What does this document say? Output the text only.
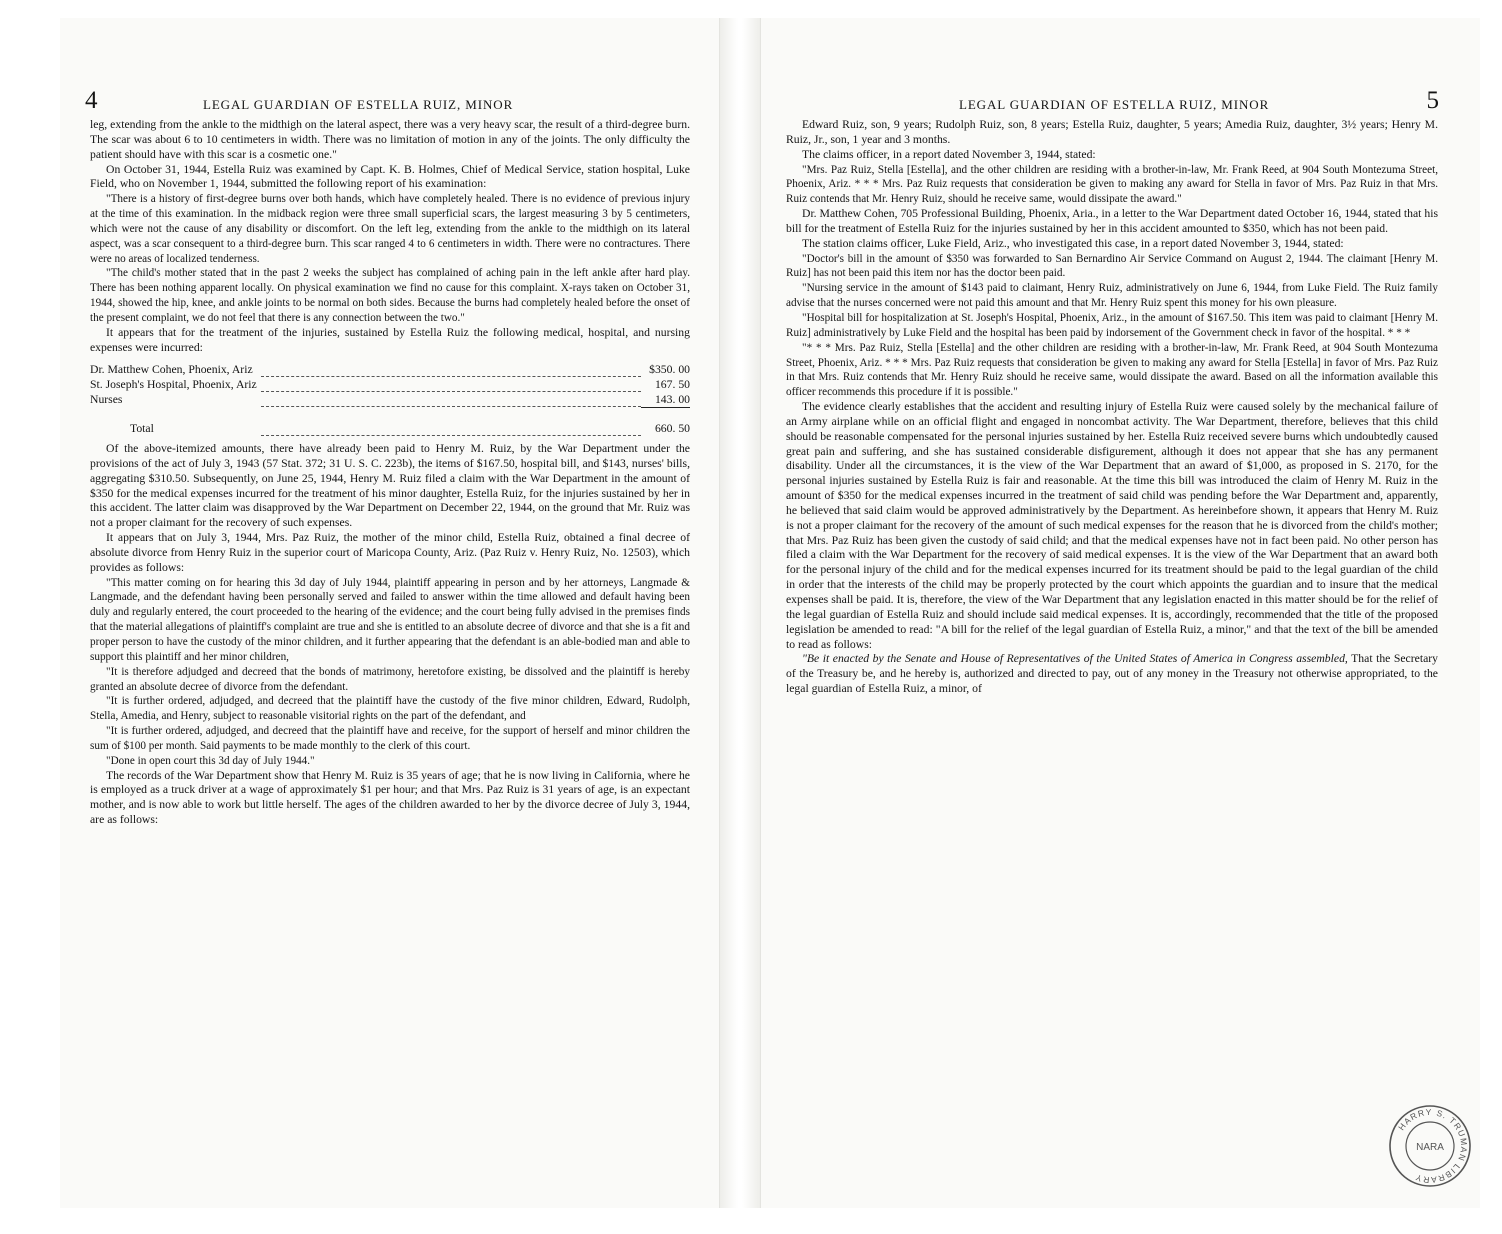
4	LEGAL GUARDIAN OF ESTELLA RUIZ, MINOR

leg, extending from the ankle to the midthigh on the lateral aspect, there was a very heavy scar, the result of a third-degree burn. The scar was about 6 to 10 centimeters in width. There was no limitation of motion in any of the joints. The only difficulty the patient should have with this scar is a cosmetic one."

On October 31, 1944, Estella Ruiz was examined by Capt. K. B. Holmes, Chief of Medical Service, station hospital, Luke Field, who on November 1, 1944, submitted the following report of his examination:

"There is a history of first-degree burns over both hands, which have completely healed. There is no evidence of previous injury at the time of this examination. In the midback region were three small superficial scars, the largest measuring 3 by 5 centimeters, which were not the cause of any disability or discomfort. On the left leg, extending from the ankle to the midthigh on its lateral aspect, was a scar consequent to a third-degree burn. This scar ranged 4 to 6 centimeters in width. There were no contractures. There were no areas of localized tenderness.

"The child's mother stated that in the past 2 weeks the subject has complained of aching pain in the left ankle after hard play. There has been nothing apparent locally. On physical examination we find no cause for this complaint. X-rays taken on October 31, 1944, showed the hip, knee, and ankle joints to be normal on both sides. Because the burns had completely healed before the onset of the present complaint, we do not feel that there is any connection between the two."

It appears that for the treatment of the injuries, sustained by Estella Ruiz the following medical, hospital, and nursing expenses were incurred:

Dr. Matthew Cohen, Phoenix, Ariz		$350. 00
St. Joseph's Hospital, Phoenix, Ariz		167. 50
Nurses		143. 00

Total		660. 50

Of the above-itemized amounts, there have already been paid to Henry M. Ruiz, by the War Department under the provisions of the act of July 3, 1943 (57 Stat. 372; 31 U. S. C. 223b), the items of $167.50, hospital bill, and $143, nurses' bills, aggregating $310.50. Subsequently, on June 25, 1944, Henry M. Ruiz filed a claim with the War Department in the amount of $350 for the medical expenses incurred for the treatment of his minor daughter, Estella Ruiz, for the injuries sustained by her in this accident. The latter claim was disapproved by the War Department on December 22, 1944, on the ground that Mr. Ruiz was not a proper claimant for the recovery of such expenses.

It appears that on July 3, 1944, Mrs. Paz Ruiz, the mother of the minor child, Estella Ruiz, obtained a final decree of absolute divorce from Henry Ruiz in the superior court of Maricopa County, Ariz. (Paz Ruiz v. Henry Ruiz, No. 12503), which provides as follows:

"This matter coming on for hearing this 3d day of July 1944, plaintiff appearing in person and by her attorneys, Langmade & Langmade, and the defendant having been personally served and failed to answer within the time allowed and default having been duly and regularly entered, the court proceeded to the hearing of the evidence; and the court being fully advised in the premises finds that the material allegations of plaintiff's complaint are true and she is entitled to an absolute decree of divorce and that she is a fit and proper person to have the custody of the minor children, and it further appearing that the defendant is an able-bodied man and able to support this plaintiff and her minor children,

"It is therefore adjudged and decreed that the bonds of matrimony, heretofore existing, be dissolved and the plaintiff is hereby granted an absolute decree of divorce from the defendant.

"It is further ordered, adjudged, and decreed that the plaintiff have the custody of the five minor children, Edward, Rudolph, Stella, Amedia, and Henry, subject to reasonable visitorial rights on the part of the defendant, and

"It is further ordered, adjudged, and decreed that the plaintiff have and receive, for the support of herself and minor children the sum of $100 per month. Said payments to be made monthly to the clerk of this court.

"Done in open court this 3d day of July 1944."

The records of the War Department show that Henry M. Ruiz is 35 years of age; that he is now living in California, where he is employed as a truck driver at a wage of approximately $1 per hour; and that Mrs. Paz Ruiz is 31 years of age, is an expectant mother, and is now able to work but little herself. The ages of the children awarded to her by the divorce decree of July 3, 1944, are as follows:

LEGAL GUARDIAN OF ESTELLA RUIZ, MINOR	5

Edward Ruiz, son, 9 years; Rudolph Ruiz, son, 8 years; Estella Ruiz, daughter, 5 years; Amedia Ruiz, daughter, 3½ years; Henry M. Ruiz, Jr., son, 1 year and 3 months.

The claims officer, in a report dated November 3, 1944, stated:

"Mrs. Paz Ruiz, Stella [Estella], and the other children are residing with a brother-in-law, Mr. Frank Reed, at 904 South Montezuma Street, Phoenix, Ariz. * * * Mrs. Paz Ruiz requests that consideration be given to making any award for Stella in favor of Mrs. Paz Ruiz in that Mrs. Ruiz contends that Mr. Henry Ruiz, should he receive same, would dissipate the award."

Dr. Matthew Cohen, 705 Professional Building, Phoenix, Aria., in a letter to the War Department dated October 16, 1944, stated that his bill for the treatment of Estella Ruiz for the injuries sustained by her in this accident amounted to $350, which has not been paid.

The station claims officer, Luke Field, Ariz., who investigated this case, in a report dated November 3, 1944, stated:

"Doctor's bill in the amount of $350 was forwarded to San Bernardino Air Service Command on August 2, 1944. The claimant [Henry M. Ruiz] has not been paid this item nor has the doctor been paid.

"Nursing service in the amount of $143 paid to claimant, Henry Ruiz, administratively on June 6, 1944, from Luke Field. The Ruiz family advise that the nurses concerned were not paid this amount and that Mr. Henry Ruiz spent this money for his own pleasure.

"Hospital bill for hospitalization at St. Joseph's Hospital, Phoenix, Ariz., in the amount of $167.50. This item was paid to claimant [Henry M. Ruiz] administratively by Luke Field and the hospital has been paid by indorsement of the Government check in favor of the hospital. * * *

"* * * Mrs. Paz Ruiz, Stella [Estella] and the other children are residing with a brother-in-law, Mr. Frank Reed, at 904 South Montezuma Street, Phoenix, Ariz. * * * Mrs. Paz Ruiz requests that consideration be given to making any award for Stella [Estella] in favor of Mrs. Paz Ruiz in that Mrs. Ruiz contends that Mr. Henry Ruiz should he receive same, would dissipate the award. Based on all the information available this officer recommends this procedure if it is possible."

The evidence clearly establishes that the accident and resulting injury of Estella Ruiz were caused solely by the mechanical failure of an Army airplane while on an official flight and engaged in noncombat activity. The War Department, therefore, believes that this child should be reasonable compensated for the personal injuries sustained by her. Estella Ruiz received severe burns which undoubtedly caused great pain and suffering, and she has sustained considerable disfigurement, although it does not appear that she has any permanent disability. Under all the circumstances, it is the view of the War Department that an award of $1,000, as proposed in S. 2170, for the personal injuries sustained by Estella Ruiz is fair and reasonable. At the time this bill was introduced the claim of Henry M. Ruiz in the amount of $350 for the medical expenses incurred in the treatment of said child was pending before the War Department and, apparently, he believed that said claim would be approved administratively by the Department. As hereinbefore shown, it appears that Henry M. Ruiz is not a proper claimant for the recovery of the amount of such medical expenses for the reason that he is divorced from the child's mother; that Mrs. Paz Ruiz has been given the custody of said child; and that the medical expenses have not in fact been paid. No other person has filed a claim with the War Department for the recovery of said medical expenses. It is the view of the War Department that an award both for the personal injury of the child and for the medical expenses incurred for its treatment should be paid to the legal guardian of the child in order that the interests of the child may be properly protected by the court which appoints the guardian and to insure that the medical expenses shall be paid. It is, therefore, the view of the War Department that any legislation enacted in this matter should be for the relief of the legal guardian of Estella Ruiz and should include said medical expenses. It is, accordingly, recommended that the title of the proposed legislation be amended to read: "A bill for the relief of the legal guardian of Estella Ruiz, a minor," and that the text of the bill be amended to read as follows:

"Be it enacted by the Senate and House of Representatives of the United States of America in Congress assembled, That the Secretary of the Treasury be, and he hereby is, authorized and directed to pay, out of any money in the Treasury not otherwise appropriated, to the legal guardian of Estella Ruiz, a minor, of

HARRY S. TRUMAN LIBRARY
NARA
